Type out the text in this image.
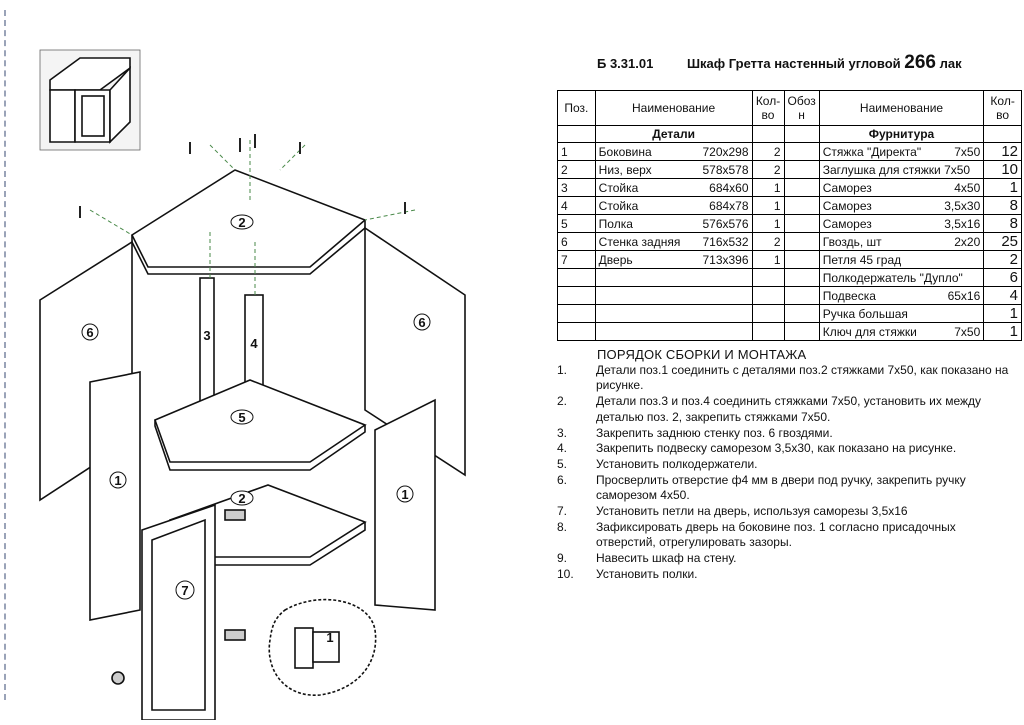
2
5
2
6
6
1
1
7
3
4
1
Б 3.31.01	Шкаф Гретта настенный угловой 266 лак
Поз.	Наименование	Кол-
во	Обоз
н	Наименование	Кол-
во
	Детали			Фурнитура	
1	Боковина 720x298	2		Стяжка "Директа" 7x50	12
2	Низ, верх 578x578	2		Заглушка для стяжки 7x50	10
3	Стойка 684x60	1		Саморез 4x50	1
4	Стойка 684x78	1		Саморез 3,5x30	8
5	Полка 576x576	1		Саморез 3,5x16	8
6	Стенка задняя 716x532	2		Гвоздь, шт 2x20	25
7	Дверь 713x396	1		Петля 45 град	2

			Полкодержатель "Дупло"	6

			Подвеска 65x16	4

			Ручка большая	1

			Ключ для стяжки 7x50	1
ПОРЯДОК СБОРКИ И МОНТАЖА
1.	Детали поз.1 соединить с деталями поз.2 стяжками 7x50, как показано на рисунке.
2.	Детали поз.3 и поз.4 соединить стяжками 7x50, установить их между деталью поз. 2, закрепить стяжками 7x50.
3.	Закрепить заднюю стенку поз. 6 гвоздями.
4.	Закрепить подвеску саморезом 3,5x30, как показано на рисунке.
5.	Установить полкодержатели.
6.	Просверлить отверстие ф4 мм в двери под ручку, закрепить ручку саморезом 4x50.
7.	Установить петли на дверь, используя саморезы 3,5x16
8.	Зафиксировать дверь на боковине поз. 1 согласно присадочных отверстий, отрегулировать зазоры.
9.	Навесить шкаф на стену.
10.	Установить полки.
